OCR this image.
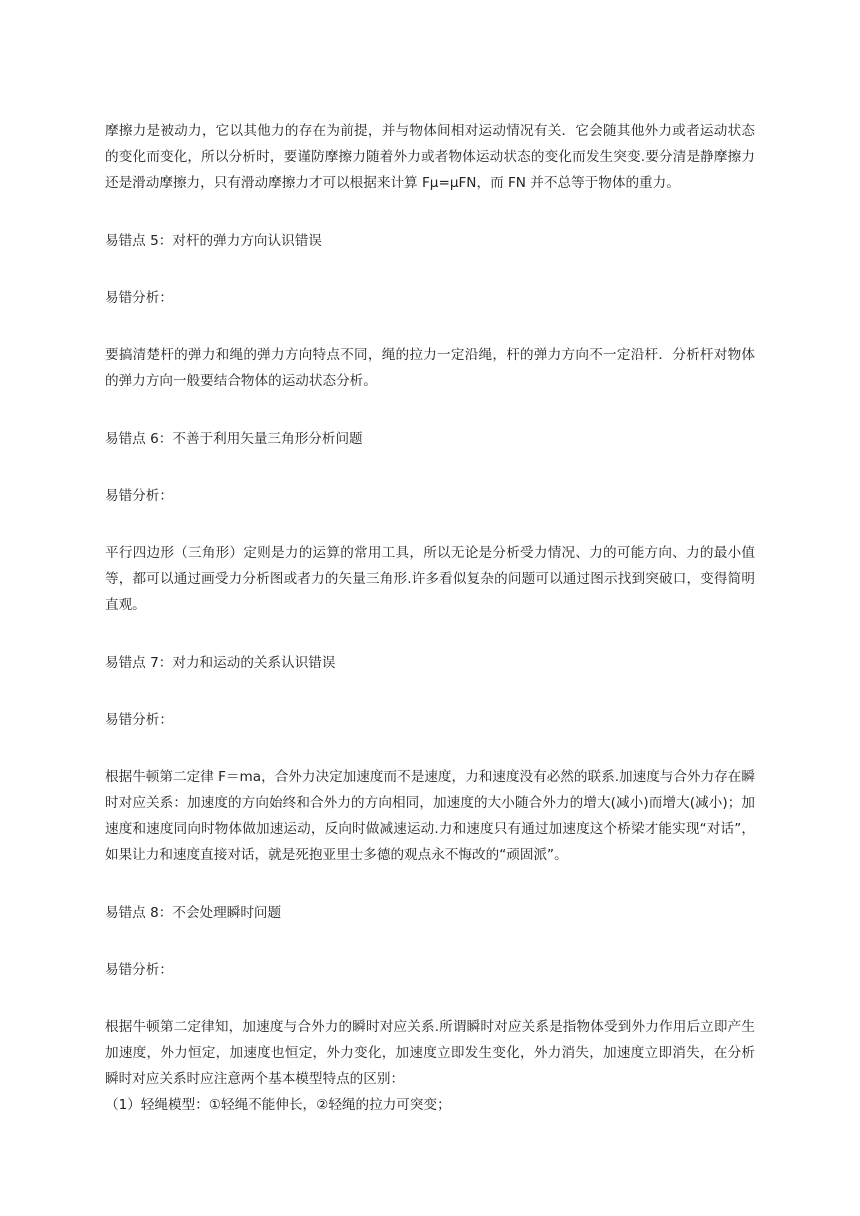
摩擦力是被动力，它以其他力的存在为前提，并与物体间相对运动情况有关．它会随其他外力或者运动状态的变化而变化，所以分析时，要谨防摩擦力随着外力或者物体运动状态的变化而发生突变.要分清是静摩擦力还是滑动摩擦力，只有滑动摩擦力才可以根据来计算 Fμ=μFN，而 FN 并不总等于物体的重力。

易错点 5：对杆的弹力方向认识错误

易错分析：

要搞清楚杆的弹力和绳的弹力方向特点不同，绳的拉力一定沿绳，杆的弹力方向不一定沿杆．分析杆对物体的弹力方向一般要结合物体的运动状态分析。

易错点 6：不善于利用矢量三角形分析问题

易错分析：

平行四边形（三角形）定则是力的运算的常用工具，所以无论是分析受力情况、力的可能方向、力的最小值等，都可以通过画受力分析图或者力的矢量三角形.许多看似复杂的问题可以通过图示找到突破口，变得简明直观。

易错点 7：对力和运动的关系认识错误

易错分析：

根据牛顿第二定律 F＝ma，合外力决定加速度而不是速度，力和速度没有必然的联系.加速度与合外力存在瞬时对应关系：加速度的方向始终和合外力的方向相同，加速度的大小随合外力的增大(减小)而增大(减小)；加速度和速度同向时物体做加速运动，反向时做减速运动.力和速度只有通过加速度这个桥梁才能实现“对话”，如果让力和速度直接对话，就是死抱亚里士多德的观点永不悔改的“顽固派”。

易错点 8：不会处理瞬时问题

易错分析：

根据牛顿第二定律知，加速度与合外力的瞬时对应关系.所谓瞬时对应关系是指物体受到外力作用后立即产生加速度，外力恒定，加速度也恒定，外力变化，加速度立即发生变化，外力消失，加速度立即消失，在分析瞬时对应关系时应注意两个基本模型特点的区别：

（1）轻绳模型：①轻绳不能伸长，②轻绳的拉力可突变；
